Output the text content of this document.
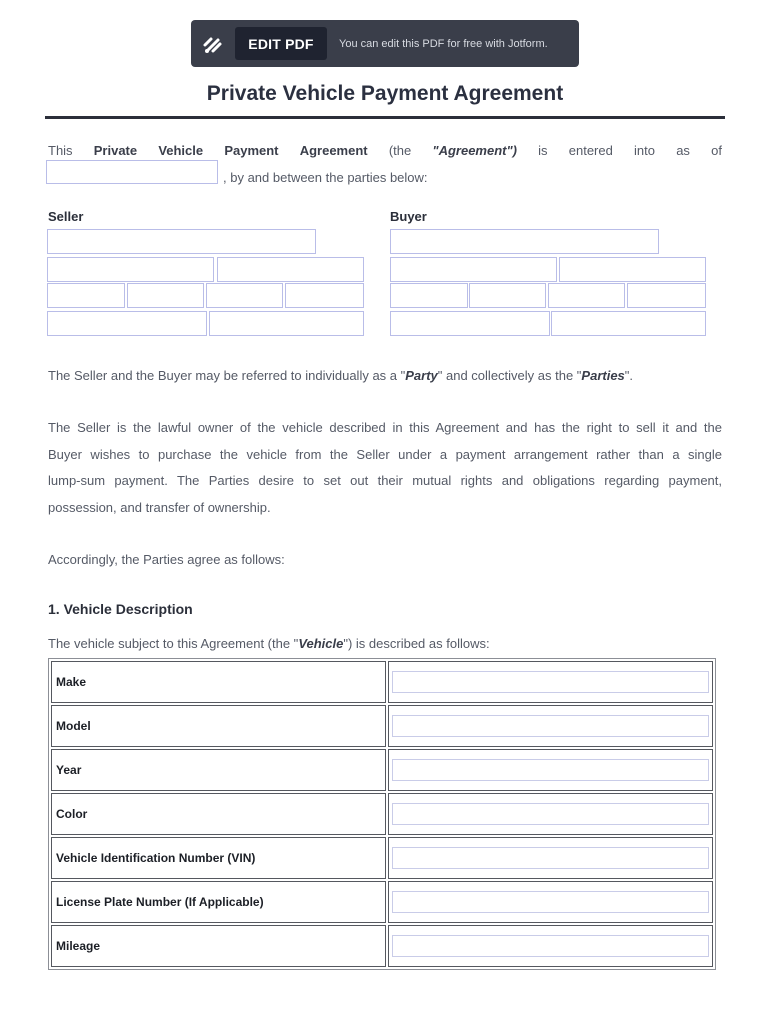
EDIT PDF	You can edit this PDF for free with Jotform.
Private Vehicle Payment Agreement
This Private Vehicle Payment Agreement (the "Agreement") is entered into as of
, by and between the parties below:
Seller	Buyer
The Seller and the Buyer may be referred to individually as a "Party" and collectively as the "Parties".
The Seller is the lawful owner of the vehicle described in this Agreement and has the right to sell it and the
Buyer wishes to purchase the vehicle from the Seller under a payment arrangement rather than a single
lump-sum payment. The Parties desire to set out their mutual rights and obligations regarding payment,
possession, and transfer of ownership.
Accordingly, the Parties agree as follows:
1. Vehicle Description
The vehicle subject to this Agreement (the "Vehicle") is described as follows:
Make	

Model	

Year	

Color	

Vehicle Identification Number (VIN)	

License Plate Number (If Applicable)	

Mileage	
